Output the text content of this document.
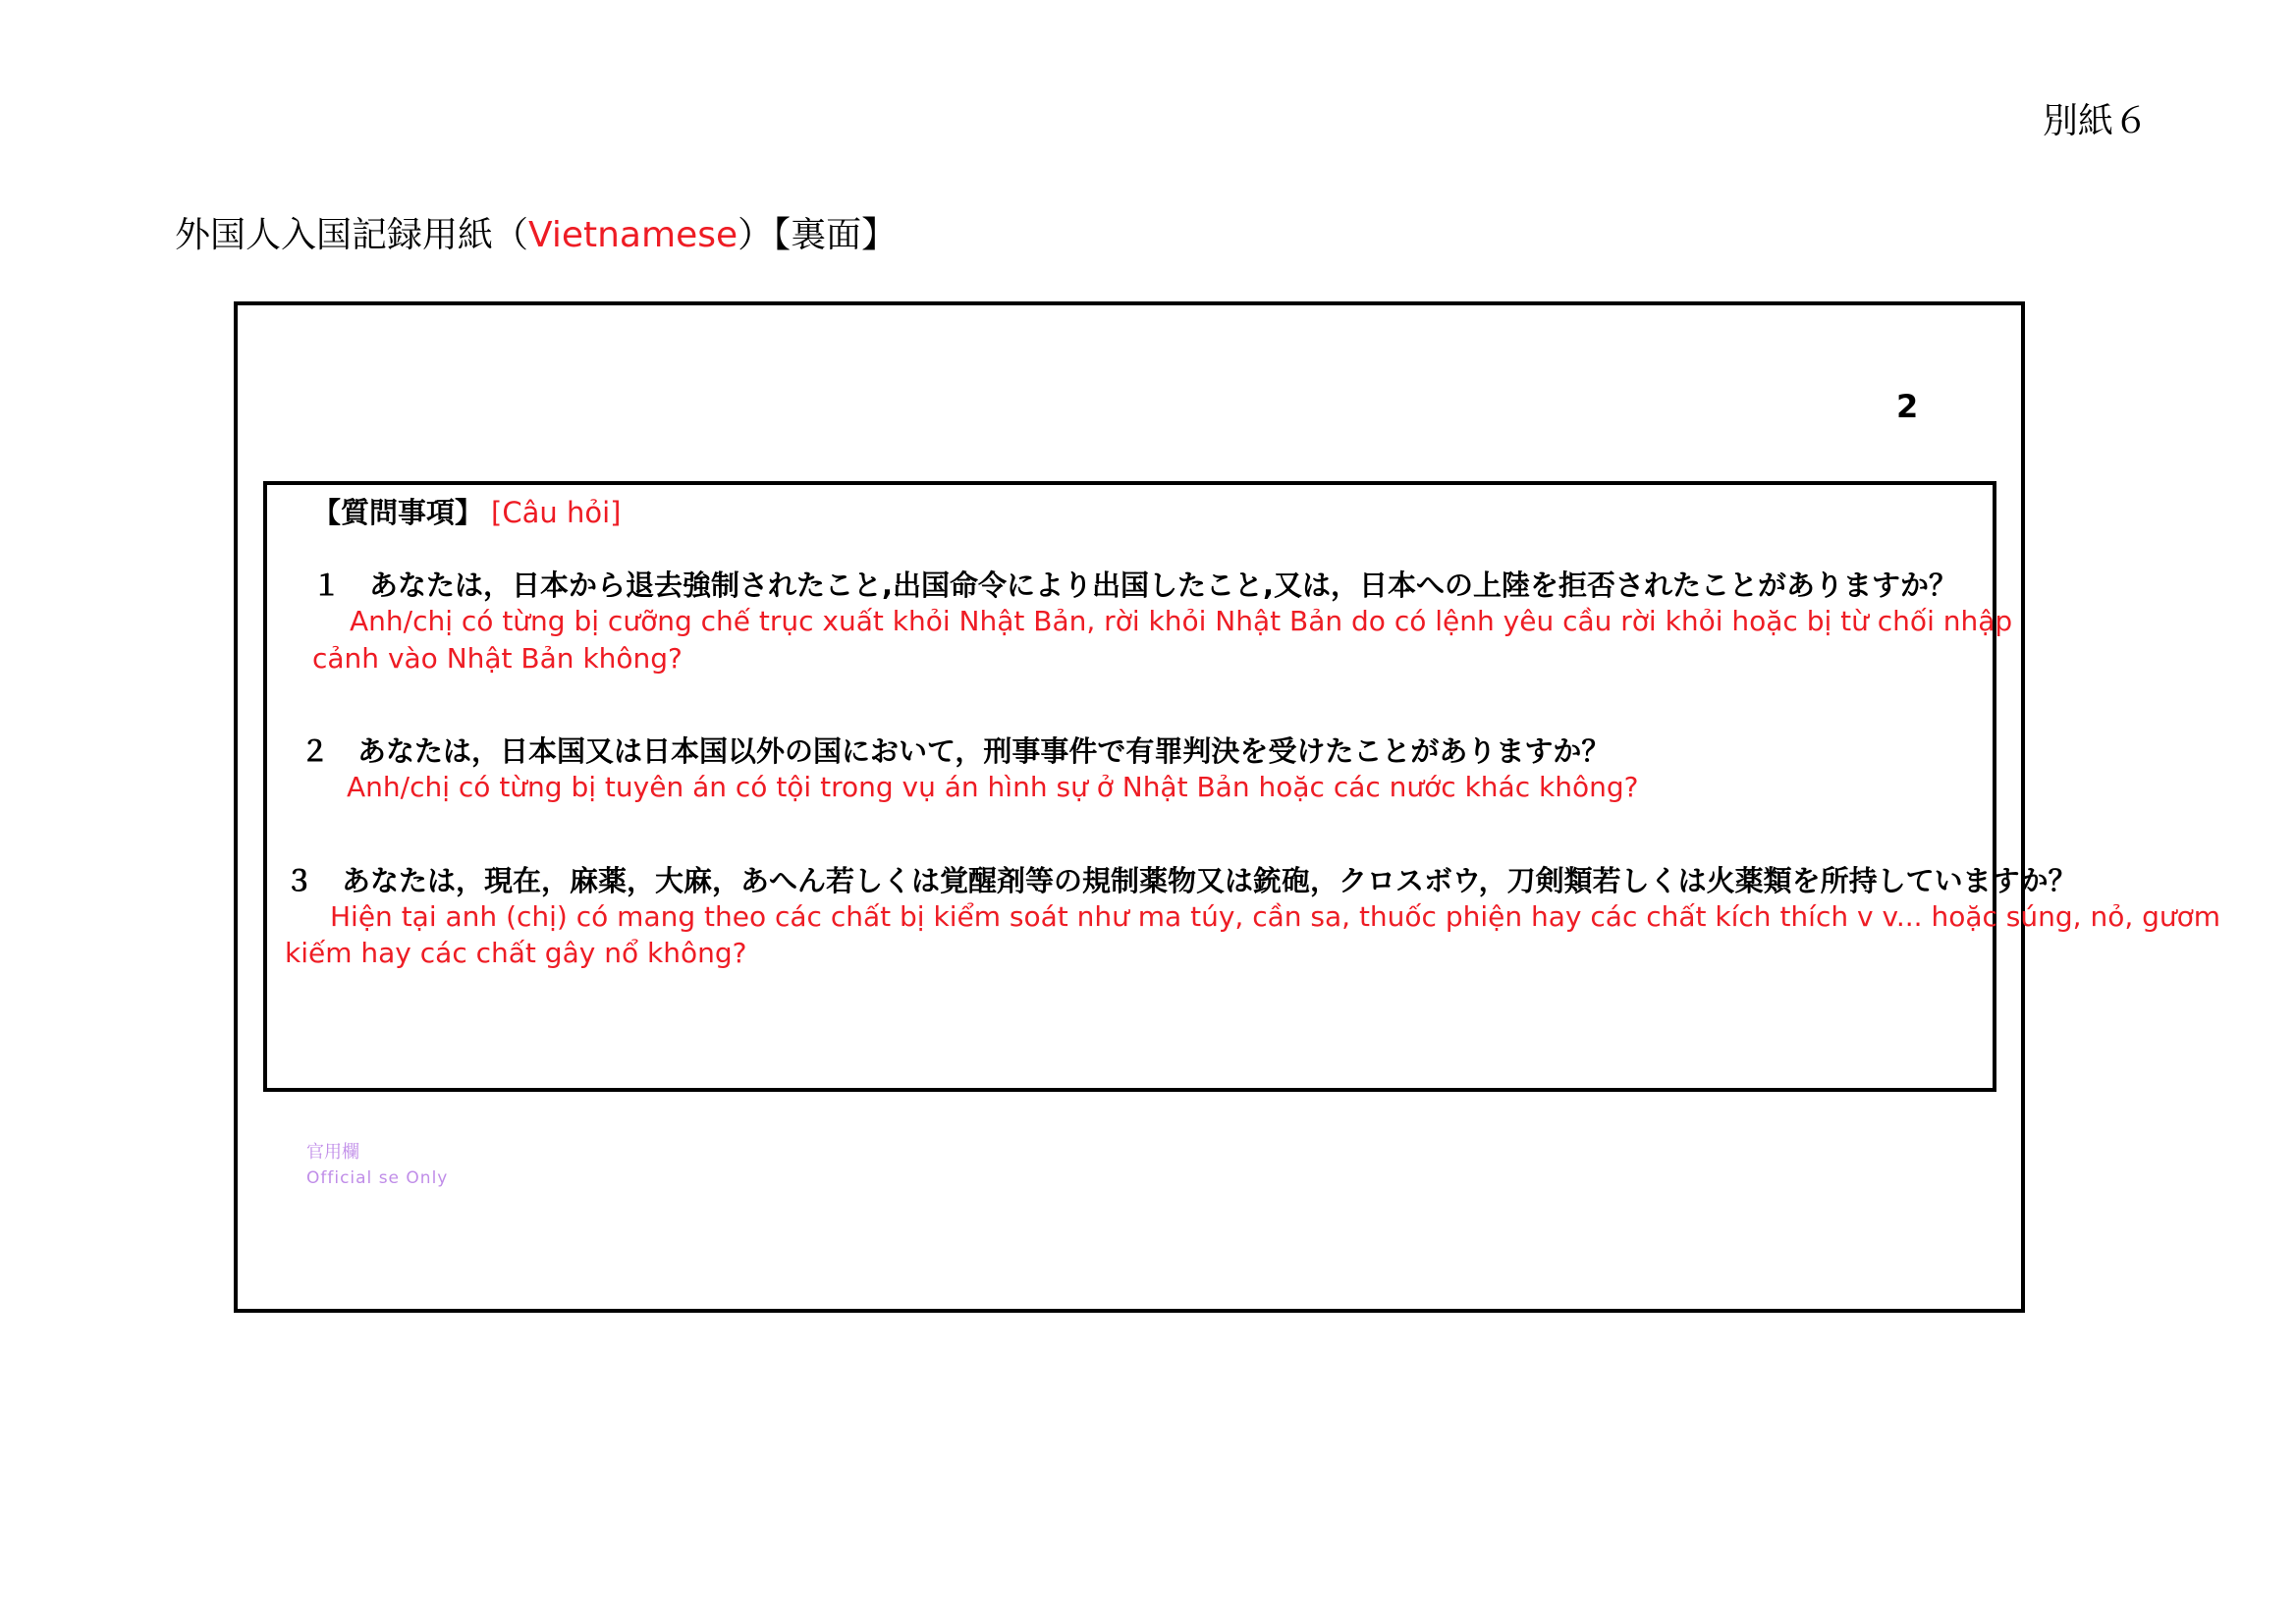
別紙６
外国人入国記録用紙（Vietnamese）【裏面】
2
【質問事項】 [Câu hỏi]
１　あなたは，日本から退去強制されたこと,出国命令により出国したこと,又は，日本への上陸を拒否されたことがありますか？
Anh/chị có từng bị cưỡng chế trục xuất khỏi Nhật Bản, rời khỏi Nhật Bản do có lệnh yêu cầu rời khỏi hoặc bị từ chối nhập
cảnh vào Nhật Bản không?
２　あなたは，日本国又は日本国以外の国において，刑事事件で有罪判決を受けたことがありますか？
Anh/chị có từng bị tuyên án có tội trong vụ án hình sự ở Nhật Bản hoặc các nước khác không?
３　あなたは，現在，麻薬，大麻，あへん若しくは覚醒剤等の規制薬物又は銃砲，クロスボウ，刀剣類若しくは火薬類を所持していますか？
Hiện tại anh (chị) có mang theo các chất bị kiểm soát như ma túy, cần sa, thuốc phiện hay các chất kích thích v v... hoặc súng, nỏ, gươm
kiếm hay các chất gây nổ không?
官用欄
Official se Only
